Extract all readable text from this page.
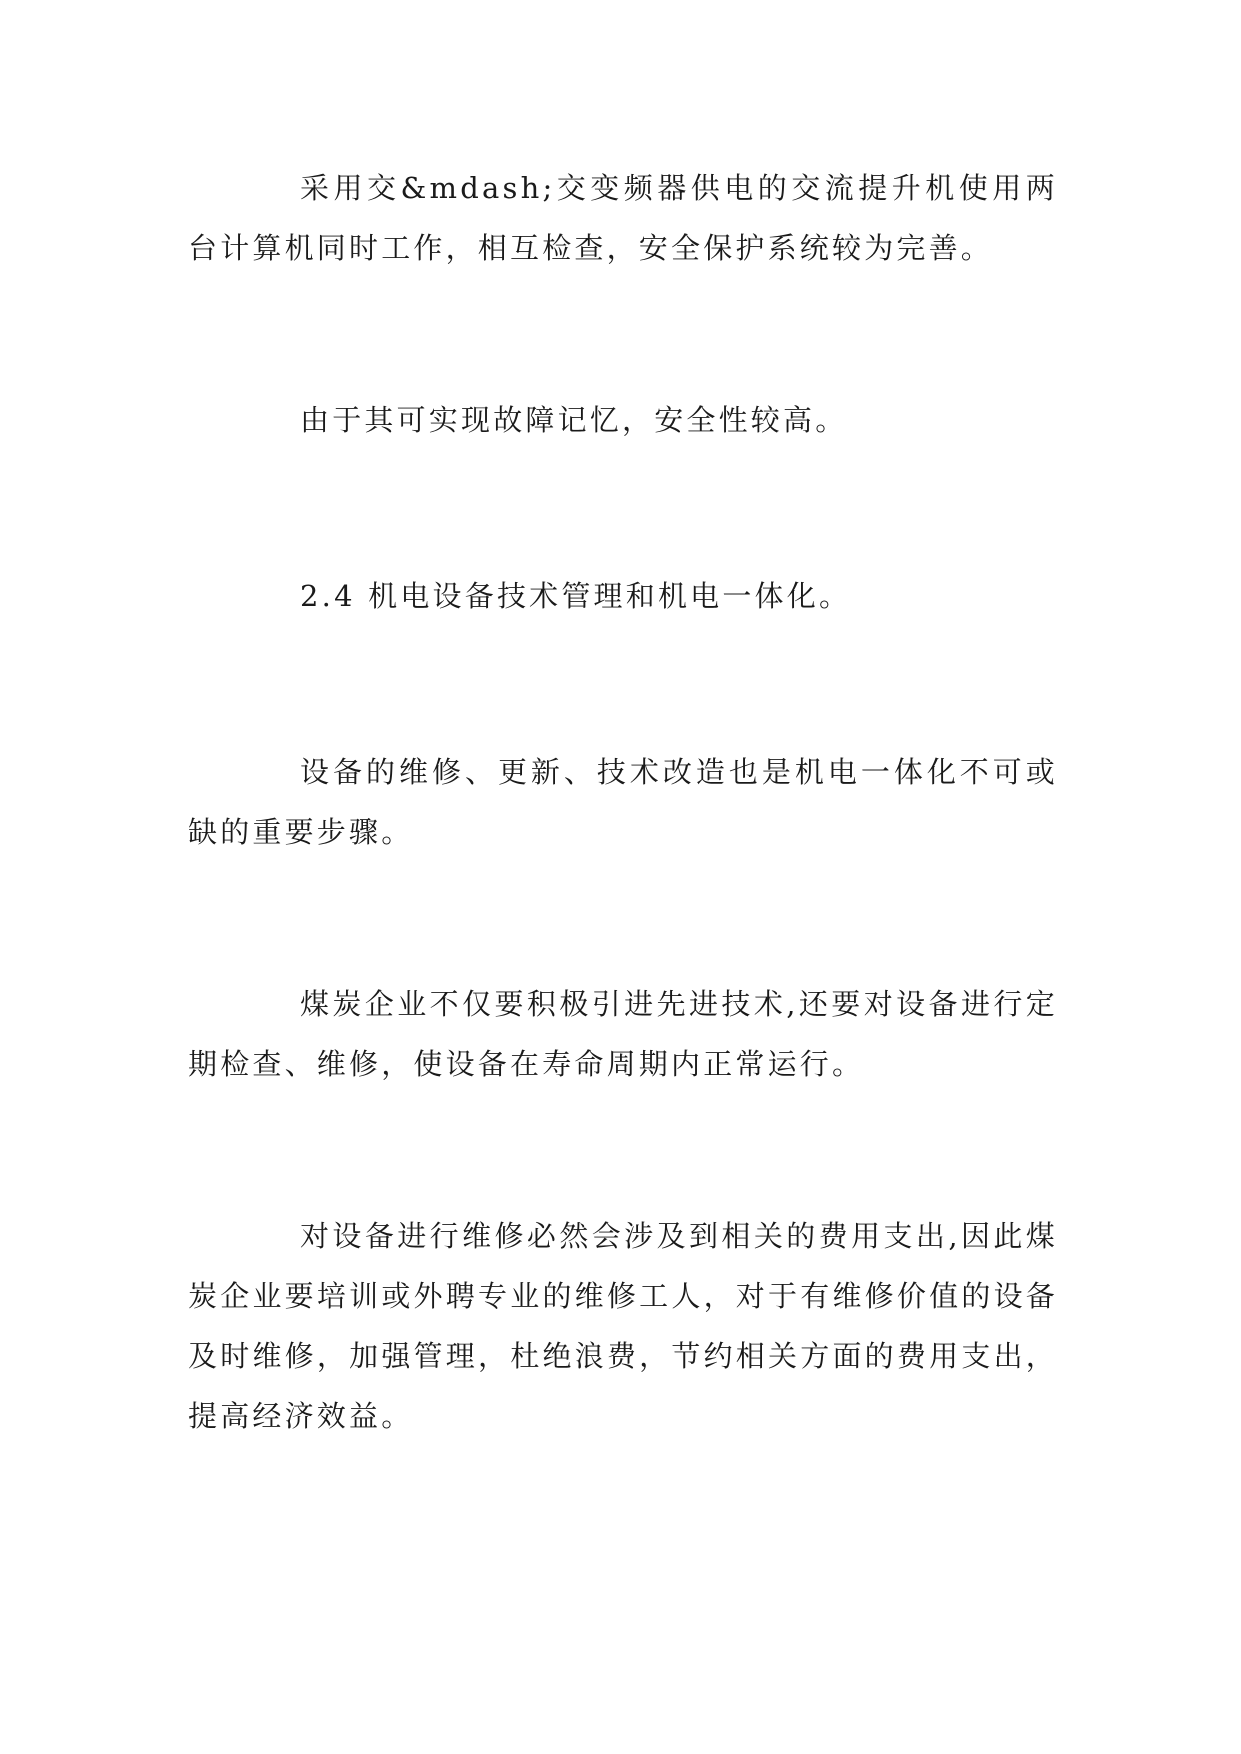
采用交&mdash;交变频器供电的交流提升机使用两台计算机同时工作，相互检查，安全保护系统较为完善。

由于其可实现故障记忆，安全性较高。

2.4 机电设备技术管理和机电一体化。

设备的维修、更新、技术改造也是机电一体化不可或缺的重要步骤。

煤炭企业不仅要积极引进先进技术,还要对设备进行定期检查、维修，使设备在寿命周期内正常运行。

对设备进行维修必然会涉及到相关的费用支出,因此煤炭企业要培训或外聘专业的维修工人，对于有维修价值的设备及时维修，加强管理，杜绝浪费，节约相关方面的费用支出，提高经济效益。
